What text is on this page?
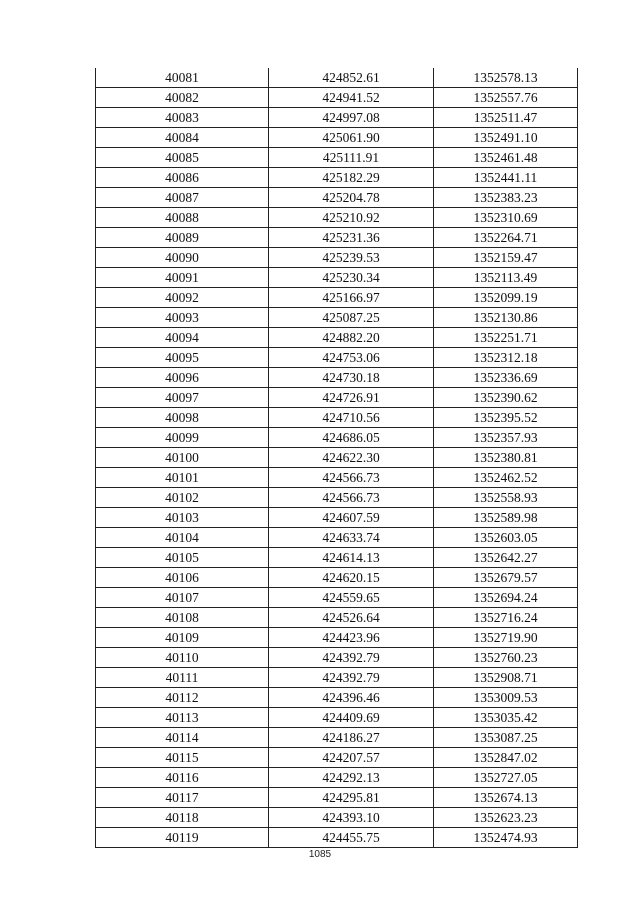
40081	424852.61	1352578.13
40082	424941.52	1352557.76
40083	424997.08	1352511.47
40084	425061.90	1352491.10
40085	425111.91	1352461.48
40086	425182.29	1352441.11
40087	425204.78	1352383.23
40088	425210.92	1352310.69
40089	425231.36	1352264.71
40090	425239.53	1352159.47
40091	425230.34	1352113.49
40092	425166.97	1352099.19
40093	425087.25	1352130.86
40094	424882.20	1352251.71
40095	424753.06	1352312.18
40096	424730.18	1352336.69
40097	424726.91	1352390.62
40098	424710.56	1352395.52
40099	424686.05	1352357.93
40100	424622.30	1352380.81
40101	424566.73	1352462.52
40102	424566.73	1352558.93
40103	424607.59	1352589.98
40104	424633.74	1352603.05
40105	424614.13	1352642.27
40106	424620.15	1352679.57
40107	424559.65	1352694.24
40108	424526.64	1352716.24
40109	424423.96	1352719.90
40110	424392.79	1352760.23
40111	424392.79	1352908.71
40112	424396.46	1353009.53
40113	424409.69	1353035.42
40114	424186.27	1353087.25
40115	424207.57	1352847.02
40116	424292.13	1352727.05
40117	424295.81	1352674.13
40118	424393.10	1352623.23
40119	424455.75	1352474.93
1085
